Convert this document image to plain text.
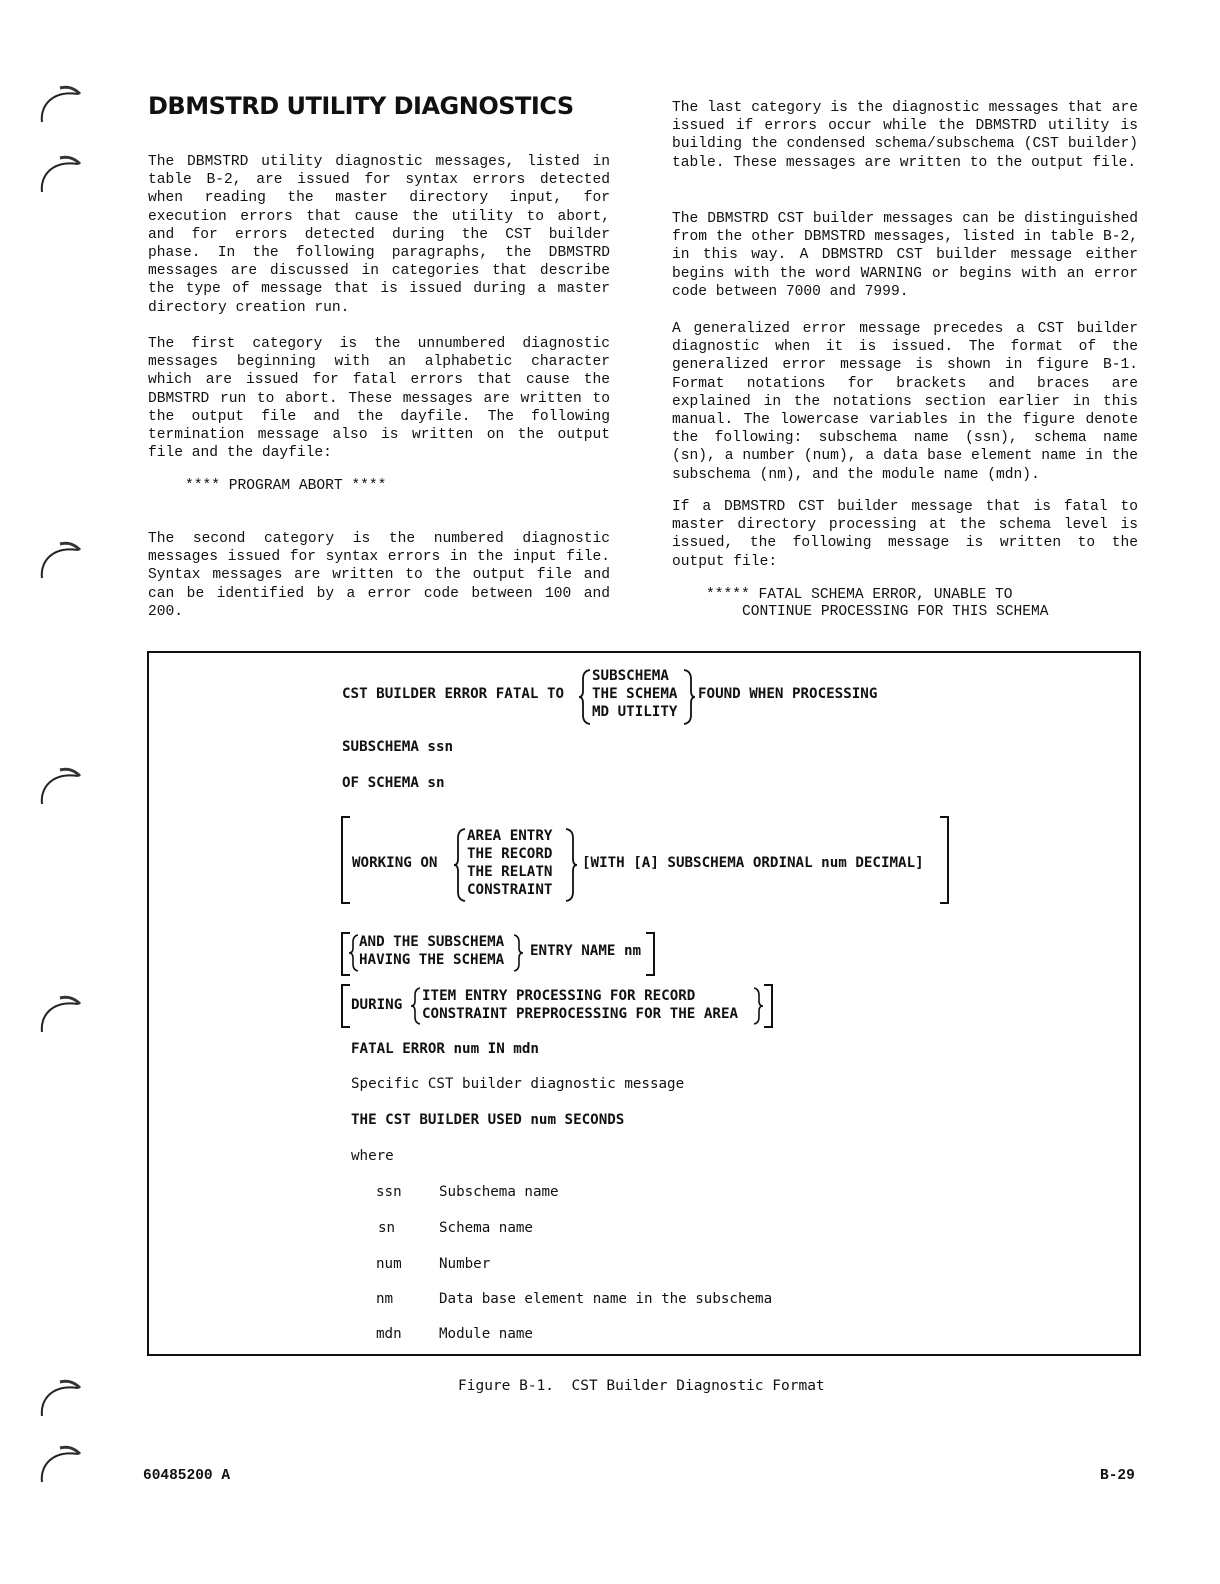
DBMSTRD UTILITY DIAGNOSTICS
The DBMSTRD utility diagnostic messages, listed in table B-2, are issued for syntax errors detected when reading the master directory input, for execution errors that cause the utility to abort, and for errors detected during the CST builder phase. In the following paragraphs, the DBMSTRD messages are discussed in categories that describe the type of message that is issued during a master directory creation run.
The first category is the unnumbered diagnostic messages beginning with an alphabetic character which are issued for fatal errors that cause the DBMSTRD run to abort. These messages are written to the output file and the dayfile. The following termination message also is written on the output file and the dayfile:
**** PROGRAM ABORT ****
The second category is the numbered diagnostic messages issued for syntax errors in the input file. Syntax messages are written to the output file and can be identified by a error code between 100 and 200.
The last category is the diagnostic messages that are issued if errors occur while the DBMSTRD utility is building the condensed schema/subschema (CST builder) table. These messages are written to the output file.
The DBMSTRD CST builder messages can be distinguished from the other DBMSTRD messages, listed in table B-2, in this way. A DBMSTRD CST builder message either begins with the word WARNING or begins with an error code between 7000 and 7999.
A generalized error message precedes a CST builder diagnostic when it is issued. The format of the generalized error message is shown in figure B-1. Format notations for brackets and braces are explained in the notations section earlier in this manual. The lowercase variables in the figure denote the following: subschema name (ssn), schema name (sn), a number (num), a data base element name in the subschema (nm), and the module name (mdn).
If a DBMSTRD CST builder message that is fatal to master directory processing at the schema level is issued, the following message is written to the output file:
***** FATAL SCHEMA ERROR, UNABLE TO
CONTINUE PROCESSING FOR THIS SCHEMA
CST BUILDER ERROR FATAL TO
SUBSCHEMA
THE SCHEMA
MD UTILITY
FOUND WHEN PROCESSING
SUBSCHEMA ssn
OF SCHEMA sn
WORKING ON
AREA ENTRY
THE RECORD
THE RELATN
CONSTRAINT
[WITH [A] SUBSCHEMA ORDINAL num DECIMAL]
AND THE SUBSCHEMA
HAVING THE SCHEMA
ENTRY NAME nm
DURING
ITEM ENTRY PROCESSING FOR RECORD
CONSTRAINT PREPROCESSING FOR THE AREA
FATAL ERROR num IN mdn
Specific CST builder diagnostic message
THE CST BUILDER USED num SECONDS
where
ssn	Subschema name
sn	Schema name
num	Number
nm	Data base element name in the subschema
mdn	Module name
Figure B-1.  CST Builder Diagnostic Format
60485200 A	B-29
